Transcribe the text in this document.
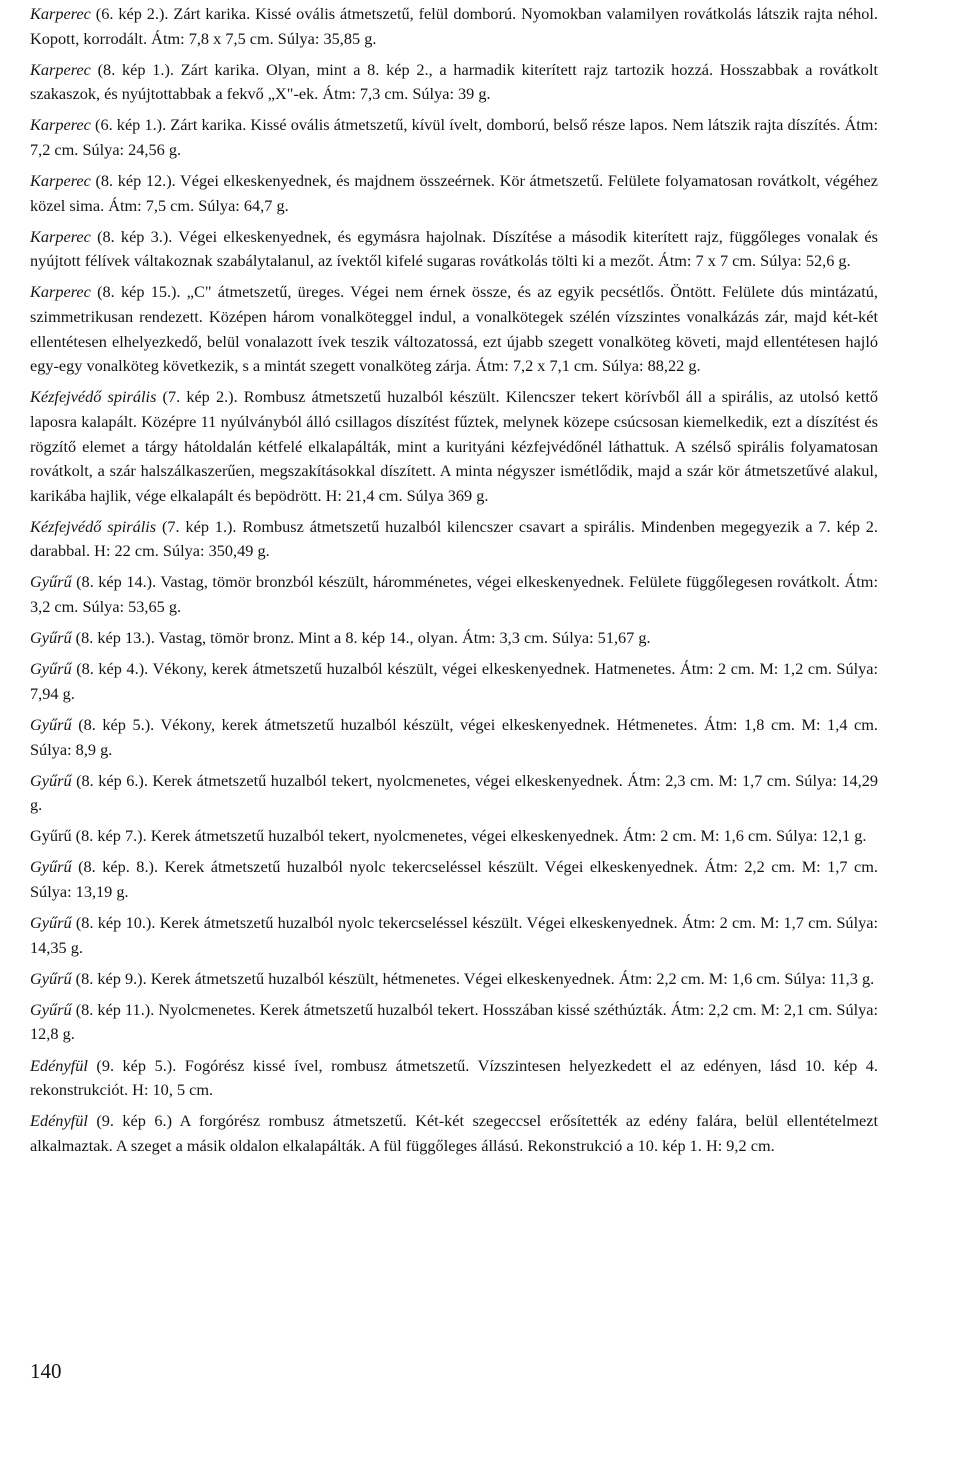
Karperec (6. kép 2.). Zárt karika. Kissé ovális átmetszetű, felül domború. Nyomokban valamilyen rovátkolás látszik rajta néhol. Kopott, korrodált. Átm: 7,8 x 7,5 cm. Súlya: 35,85 g.

Karperec (8. kép 1.). Zárt karika. Olyan, mint a 8. kép 2., a harmadik kiterített rajz tartozik hozzá. Hosszabbak a rovátkolt szakaszok, és nyújtottabbak a fekvő „X"-ek. Átm: 7,3 cm. Súlya: 39 g.

Karperec (6. kép 1.). Zárt karika. Kissé ovális átmetszetű, kívül ívelt, domború, belső része lapos. Nem látszik rajta díszítés. Átm: 7,2 cm. Súlya: 24,56 g.

Karperec (8. kép 12.). Végei elkeskenyednek, és majdnem összeérnek. Kör átmetszetű. Felülete folyamatosan rovátkolt, végéhez közel sima. Átm: 7,5 cm. Súlya: 64,7 g.

Karperec (8. kép 3.). Végei elkeskenyednek, és egymásra hajolnak. Díszítése a második kiterített rajz, függőleges vonalak és nyújtott félívek váltakoznak szabálytalanul, az ívektől kifelé sugaras rovátkolás tölti ki a mezőt. Átm: 7 x 7 cm. Súlya: 52,6 g.

Karperec (8. kép 15.). „C" átmetszetű, üreges. Végei nem érnek össze, és az egyik pecsétlős. Öntött. Felülete dús mintázatú, szimmetrikusan rendezett. Középen három vonalköteggel indul, a vonalkötegek szélén vízszintes vonalkázás zár, majd két-két ellentétesen elhelyezkedő, belül vonalazott ívek teszik változatossá, ezt újabb szegett vonalköteg követi, majd ellentétesen hajló egy-egy vonalköteg következik, s a mintát szegett vonalköteg zárja. Átm: 7,2 x 7,1 cm. Súlya: 88,22 g.

Kézfejvédő spirális (7. kép 2.). Rombusz átmetszetű huzalból készült. Kilencszer tekert körívből áll a spirális, az utolsó kettő laposra kalapált. Középre 11 nyúlványból álló csillagos díszítést fűztek, melynek közepe csúcsosan kiemelkedik, ezt a díszítést és rögzítő elemet a tárgy hátoldalán kétfelé elkalapálták, mint a kurityáni kézfejvédőnél láthattuk. A szélső spirális folyamatosan rovátkolt, a szár halszálkaszerűen, megszakításokkal díszített. A minta négyszer ismétlődik, majd a szár kör átmetszetűvé alakul, karikába hajlik, vége elkalapált és bepödrött. H: 21,4 cm. Súlya 369 g.

Kézfejvédő spirális (7. kép 1.). Rombusz átmetszetű huzalból kilencszer csavart a spirális. Mindenben megegyezik a 7. kép 2. darabbal. H: 22 cm. Súlya: 350,49 g.

Gyűrű (8. kép 14.). Vastag, tömör bronzból készült, háromménetes, végei elkeskenyednek. Felülete függőlegesen rovátkolt. Átm: 3,2 cm. Súlya: 53,65 g.

Gyűrű (8. kép 13.). Vastag, tömör bronz. Mint a 8. kép 14., olyan. Átm: 3,3 cm. Súlya: 51,67 g.

Gyűrű (8. kép 4.). Vékony, kerek átmetszetű huzalból készült, végei elkeskenyednek. Hatmenetes. Átm: 2 cm. M: 1,2 cm. Súlya: 7,94 g.

Gyűrű (8. kép 5.). Vékony, kerek átmetszetű huzalból készült, végei elkeskenyednek. Hétmenetes. Átm: 1,8 cm. M: 1,4 cm. Súlya: 8,9 g.

Gyűrű (8. kép 6.). Kerek átmetszetű huzalból tekert, nyolcmenetes, végei elkeskenyednek. Átm: 2,3 cm. M: 1,7 cm. Súlya: 14,29 g.

Gyűrű (8. kép 7.). Kerek átmetszetű huzalból tekert, nyolcmenetes, végei elkeskenyednek. Átm: 2 cm. M: 1,6 cm. Súlya: 12,1 g.

Gyűrű (8. kép. 8.). Kerek átmetszetű huzalból nyolc tekercseléssel készült. Végei elkeskenyednek. Átm: 2,2 cm. M: 1,7 cm. Súlya: 13,19 g.

Gyűrű (8. kép 10.). Kerek átmetszetű huzalból nyolc tekercseléssel készült. Végei elkeskenyednek. Átm: 2 cm. M: 1,7 cm. Súlya: 14,35 g.

Gyűrű (8. kép 9.). Kerek átmetszetű huzalból készült, hétmenetes. Végei elkeskenyednek. Átm: 2,2 cm. M: 1,6 cm. Súlya: 11,3 g.

Gyűrű (8. kép 11.). Nyolcmenetes. Kerek átmetszetű huzalból tekert. Hosszában kissé széthúzták. Átm: 2,2 cm. M: 2,1 cm. Súlya: 12,8 g.

Edényfül (9. kép 5.). Fogórész kissé ível, rombusz átmetszetű. Vízszintesen helyezkedett el az edényen, lásd 10. kép 4. rekonstrukciót. H: 10, 5 cm.

Edényfül (9. kép 6.) A forgórész rombusz átmetszetű. Két-két szegeccsel erősítették az edény falára, belül ellentételmezt alkalmaztak. A szeget a másik oldalon elkalapálták. A fül függőleges állású. Rekonstrukció a 10. kép 1. H: 9,2 cm.

140
